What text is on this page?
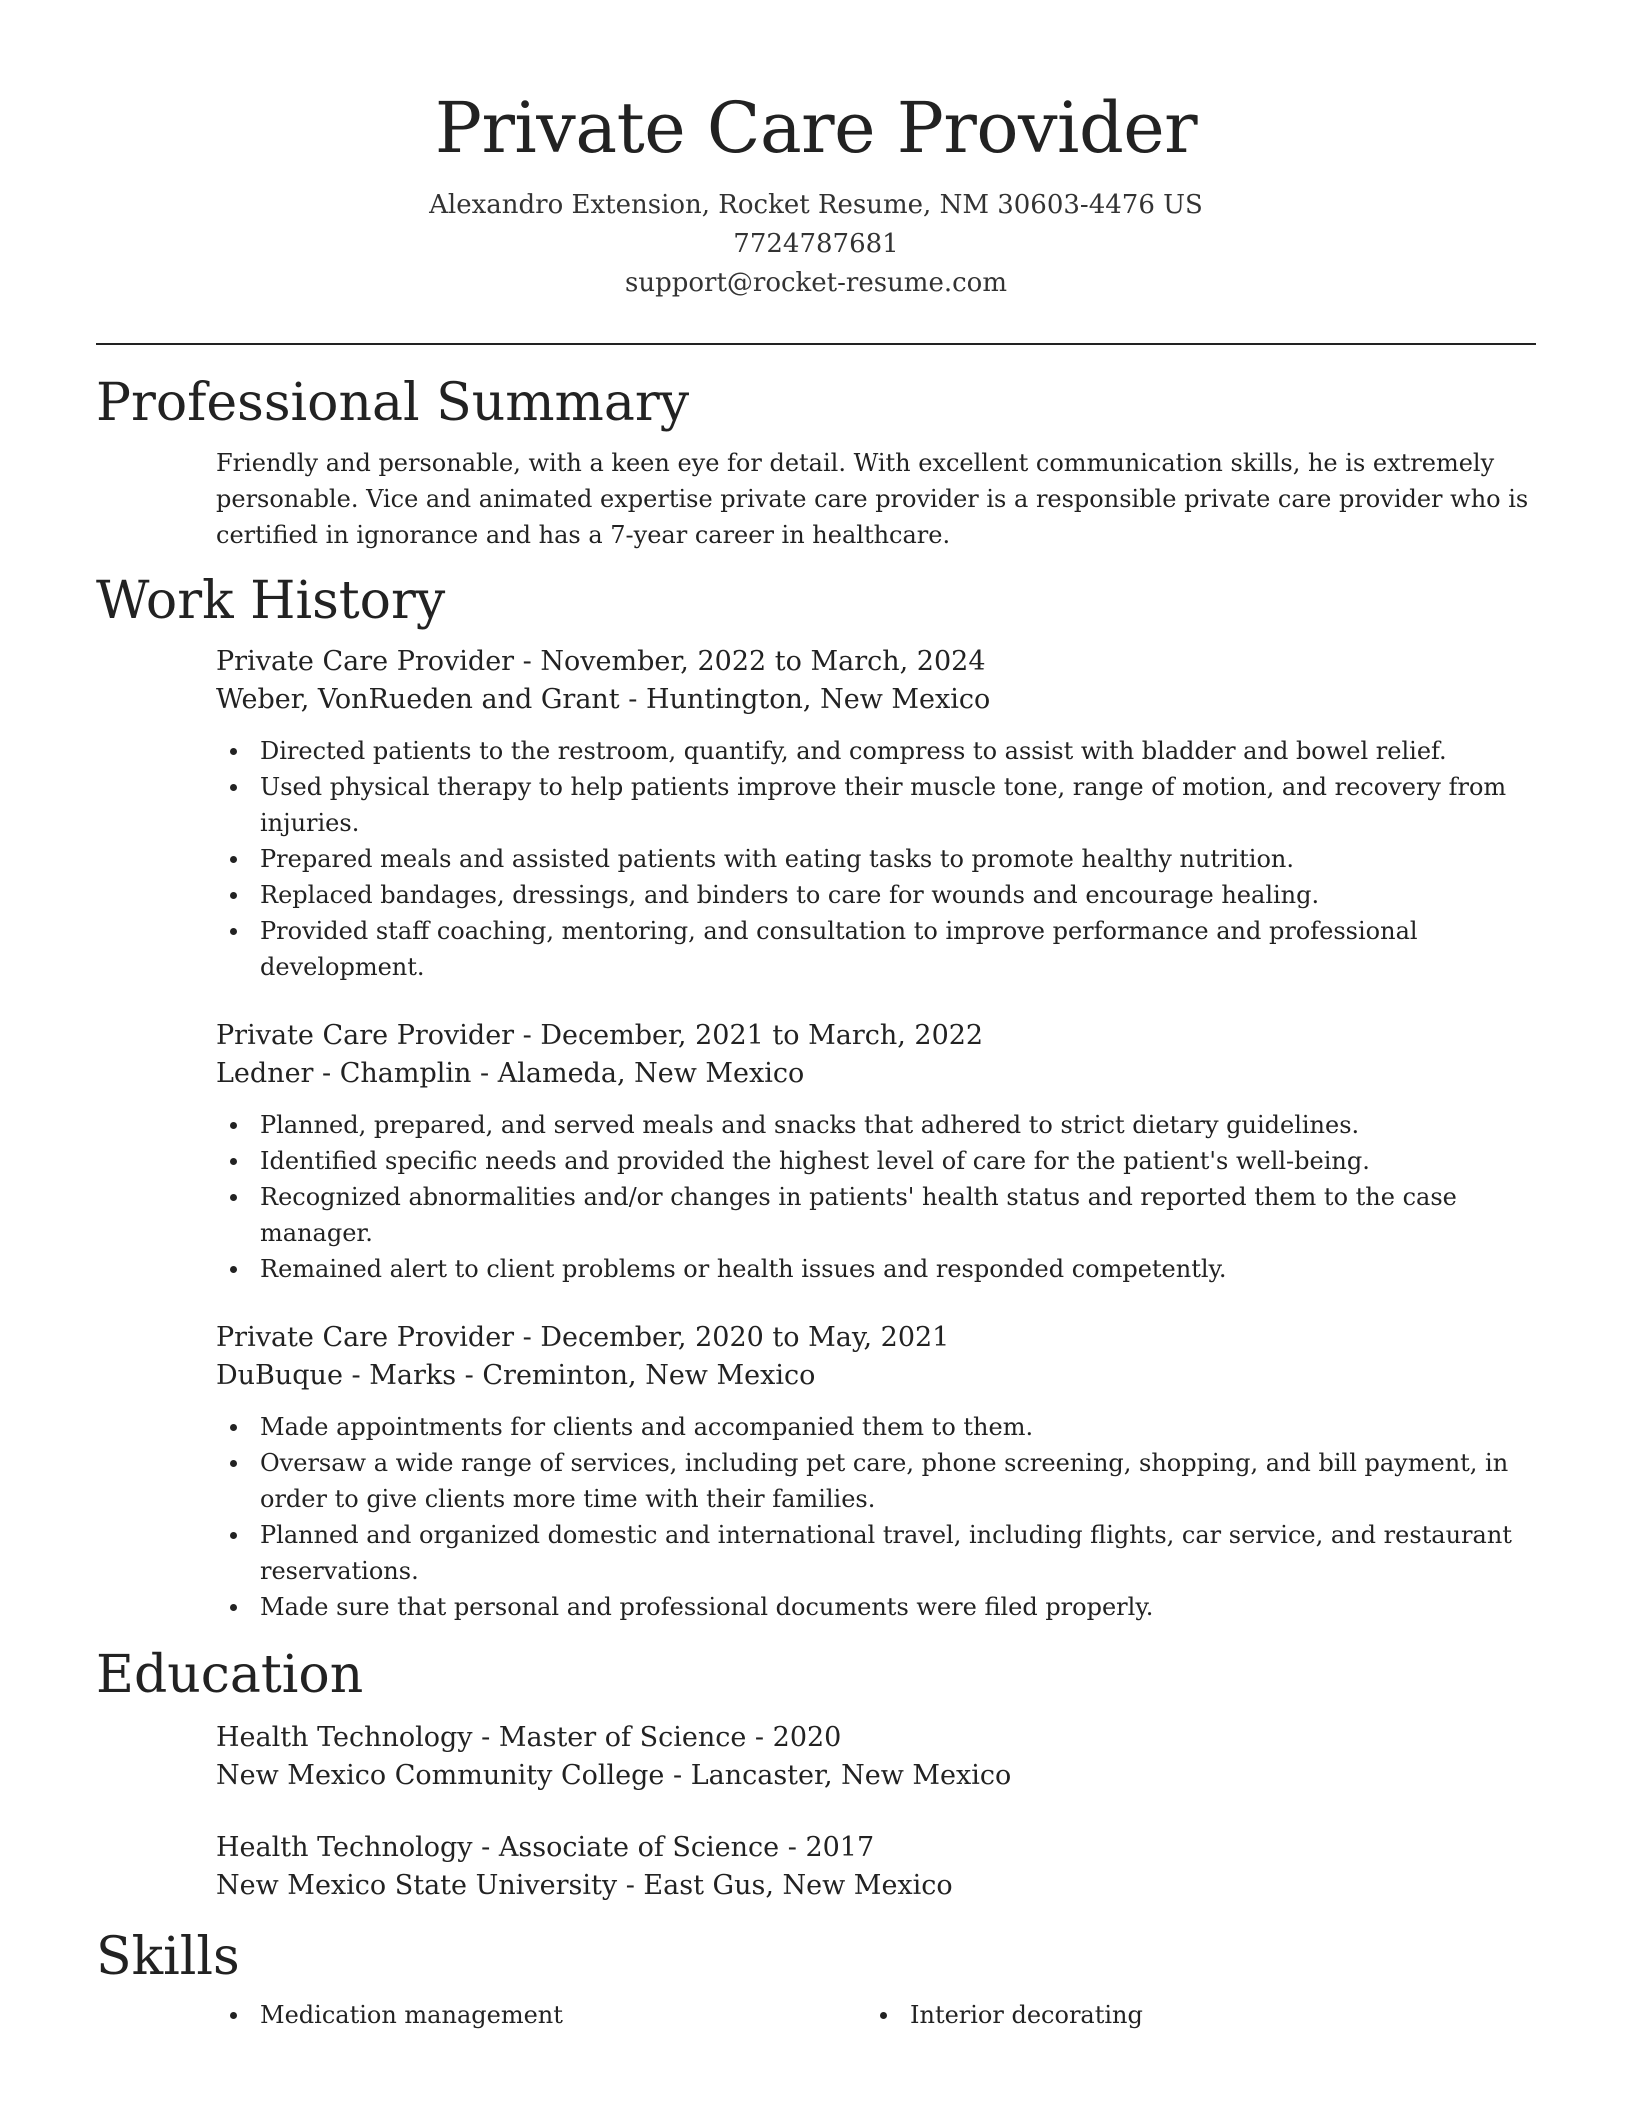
Private Care Provider
Alexandro Extension, Rocket Resume, NM 30603-4476 US
7724787681
support@rocket-resume.com
Professional Summary

Friendly and personable, with a keen eye for detail. With excellent communication skills, he is extremely personable. Vice and animated expertise private care provider is a responsible private care provider who is certified in ignorance and has a 7-year career in healthcare.

Work History
Private Care Provider - November, 2022 to March, 2024
Weber, VonRueden and Grant - Huntington, New Mexico
Directed patients to the restroom, quantify, and compress to assist with bladder and bowel relief.
Used physical therapy to help patients improve their muscle tone, range of motion, and recovery from injuries.
Prepared meals and assisted patients with eating tasks to promote healthy nutrition.
Replaced bandages, dressings, and binders to care for wounds and encourage healing.
Provided staff coaching, mentoring, and consultation to improve performance and professional development.
Private Care Provider - December, 2021 to March, 2022
Ledner - Champlin - Alameda, New Mexico
Planned, prepared, and served meals and snacks that adhered to strict dietary guidelines.
Identified specific needs and provided the highest level of care for the patient's well-being.
Recognized abnormalities and/or changes in patients' health status and reported them to the case manager.
Remained alert to client problems or health issues and responded competently.
Private Care Provider - December, 2020 to May, 2021
DuBuque - Marks - Creminton, New Mexico
Made appointments for clients and accompanied them to them.
Oversaw a wide range of services, including pet care, phone screening, shopping, and bill payment, in order to give clients more time with their families.
Planned and organized domestic and international travel, including flights, car service, and restaurant reservations.
Made sure that personal and professional documents were filed properly.
Education
Health Technology - Master of Science - 2020
New Mexico Community College - Lancaster, New Mexico
Health Technology - Associate of Science - 2017
New Mexico State University - East Gus, New Mexico
Skills
Medication management	Interior decorating
